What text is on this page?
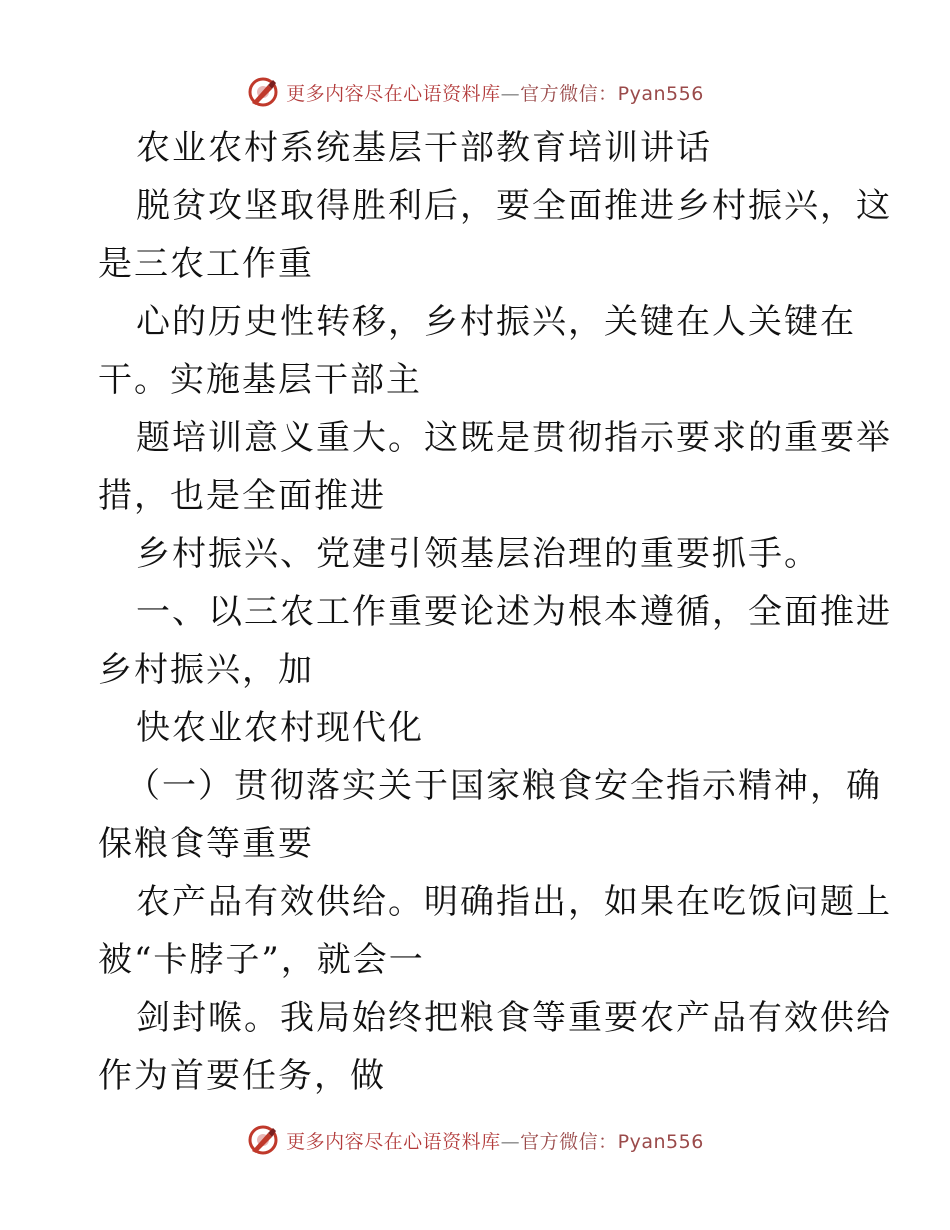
更多内容尽在心语资料库—官方微信：Pyan556
农业农村系统基层干部教育培训讲话
脱贫攻坚取得胜利后，要全面推进乡村振兴，这
是三农工作重
心的历史性转移，乡村振兴，关键在人关键在
干。实施基层干部主
题培训意义重大。这既是贯彻指示要求的重要举
措，也是全面推进
乡村振兴、党建引领基层治理的重要抓手。
一、以三农工作重要论述为根本遵循，全面推进
乡村振兴，加
快农业农村现代化
（一）贯彻落实关于国家粮食安全指示精神，确
保粮食等重要
农产品有效供给。明确指出，如果在吃饭问题上
被“卡脖子”，就会一
剑封喉。我局始终把粮食等重要农产品有效供给
作为首要任务，做
更多内容尽在心语资料库—官方微信：Pyan556
